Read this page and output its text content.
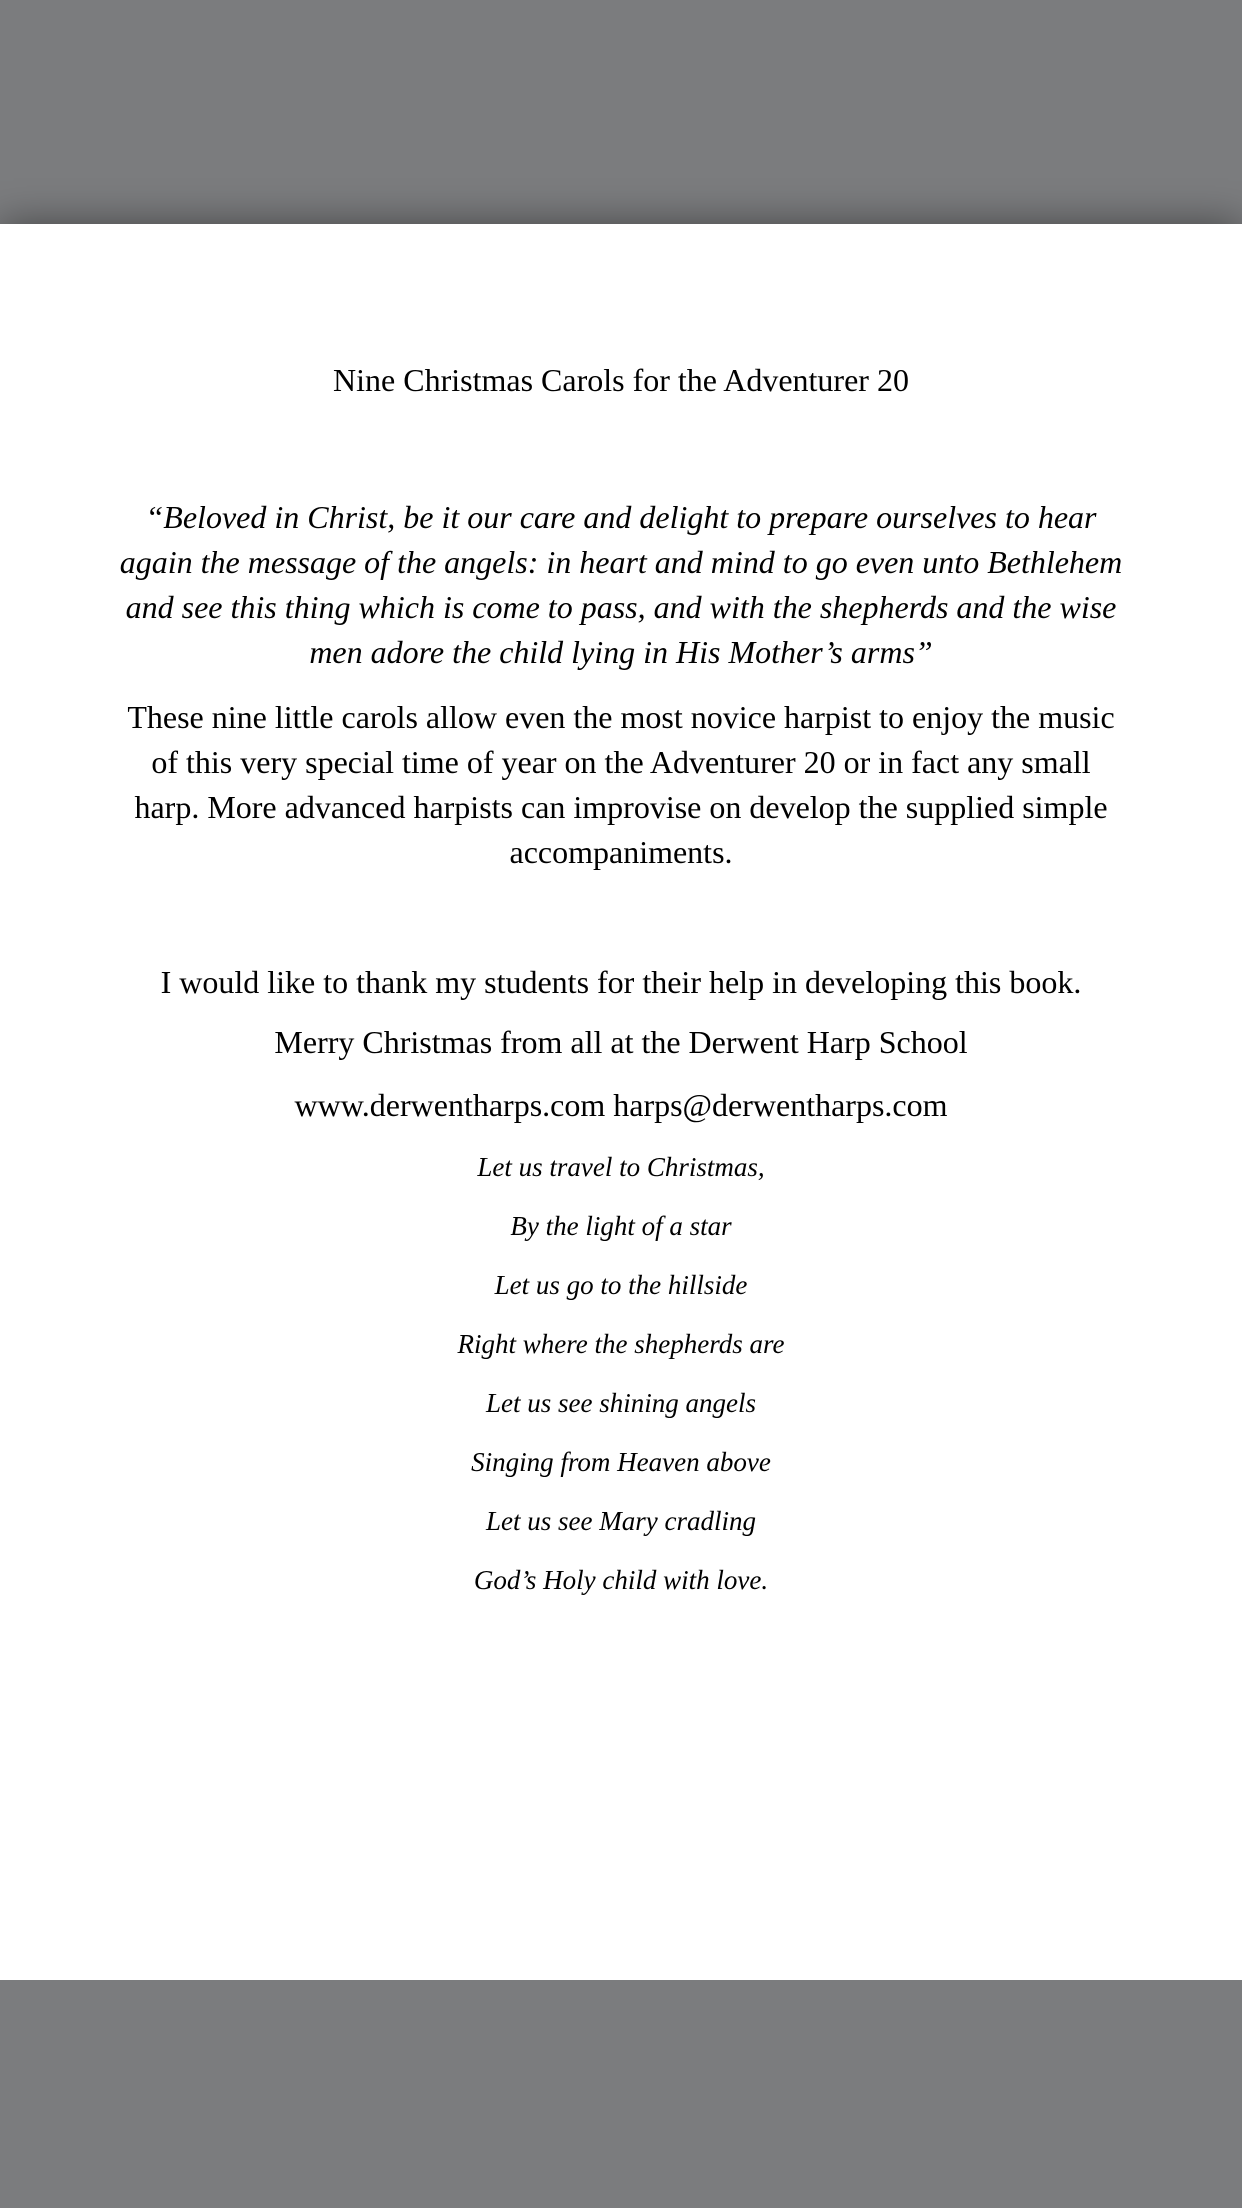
Nine Christmas Carols for the Adventurer 20

“Beloved in Christ, be it our care and delight to prepare ourselves to hear again the message of the angels: in heart and mind to go even unto Bethlehem and see this thing which is come to pass, and with the shepherds and the wise men adore the child lying in His Mother’s arms”

These nine little carols allow even the most novice harpist to enjoy the music of this very special time of year on the Adventurer 20 or in fact any small harp. More advanced harpists can improvise on develop the supplied simple accompaniments.

I would like to thank my students for their help in developing this book.

Merry Christmas from all at the Derwent Harp School

www.derwentharps.com harps@derwentharps.com

Let us travel to Christmas,

By the light of a star

Let us go to the hillside

Right where the shepherds are

Let us see shining angels

Singing from Heaven above

Let us see Mary cradling

God’s Holy child with love.
